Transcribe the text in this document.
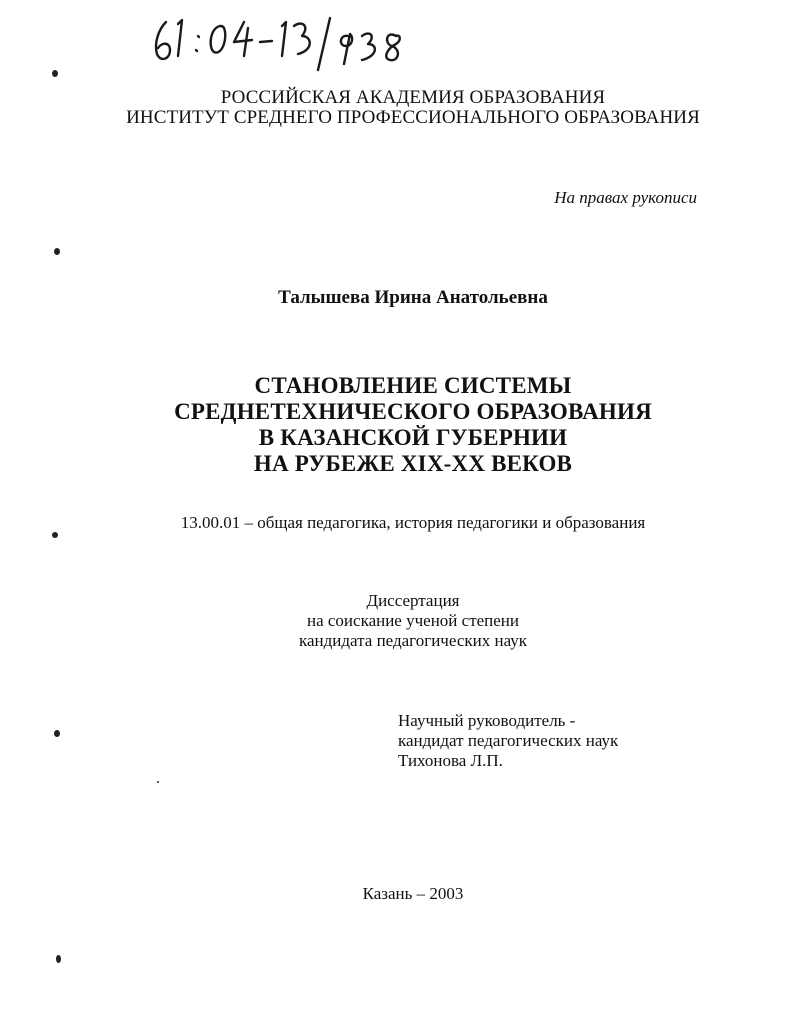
РОССИЙСКАЯ АКАДЕМИЯ ОБРАЗОВАНИЯ
ИНСТИТУТ СРЕДНЕГО ПРОФЕССИОНАЛЬНОГО ОБРАЗОВАНИЯ
На правах рукописи
Талышева Ирина Анатольевна
СТАНОВЛЕНИЕ СИСТЕМЫ
СРЕДНЕТЕХНИЧЕСКОГО ОБРАЗОВАНИЯ
В КАЗАНСКОЙ ГУБЕРНИИ
НА РУБЕЖЕ XIX-XX ВЕКОВ
13.00.01 – общая педагогика, история педагогики и образования
Диссертация
на соискание ученой степени
кандидата педагогических наук
Научный руководитель -
кандидат педагогических наук
Тихонова Л.П.
Казань – 2003
